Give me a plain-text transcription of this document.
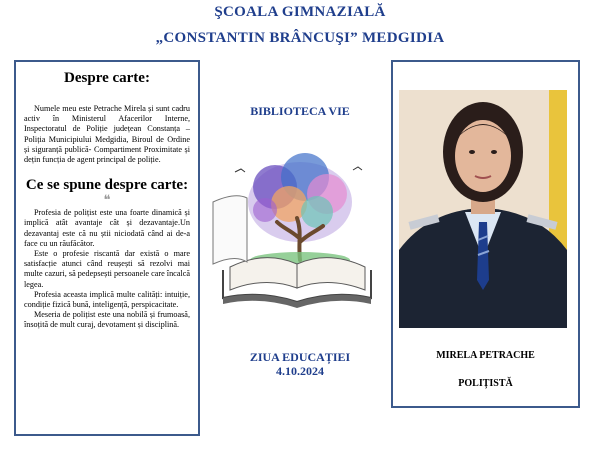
ŞCOALA GIMNAZIALĂ
„CONSTANTIN BRÂNCUŞI” MEDGIDIA
Despre carte:

Numele meu este Petrache Mirela și sunt cadru activ în Ministerul Afacerilor Interne, Inspectoratul de Poliție județean Constanța – Poliția Municipiului Medgidia, Biroul de Ordine și siguranță publică- Compartiment Proximitate și dețin funcția de agent principal de poliție.

Ce se spune despre carte:
❝

Profesia de polițist este una foarte dinamică și implică atât avantaje cât și dezavantaje.Un dezavantaj este că nu știi niciodată când ai de-a face cu un răufăcător.

Este o profesie riscantă dar există o mare satisfacție atunci când reușești să rezolvi mai multe cazuri, să pedepsești persoanele care încalcă legea.

Profesia aceasta implică multe calități: intuiție, condiție fizică bună, inteligență, perspicacitate.

Meseria de polițist este una nobilă și frumoasă, însoțită de mult curaj, devotament și disciplină.

BIBLIOTECA VIE
ZIUA EDUCAȚIEI
4.10.2024
MIRELA PETRACHE
POLIȚISTĂ
